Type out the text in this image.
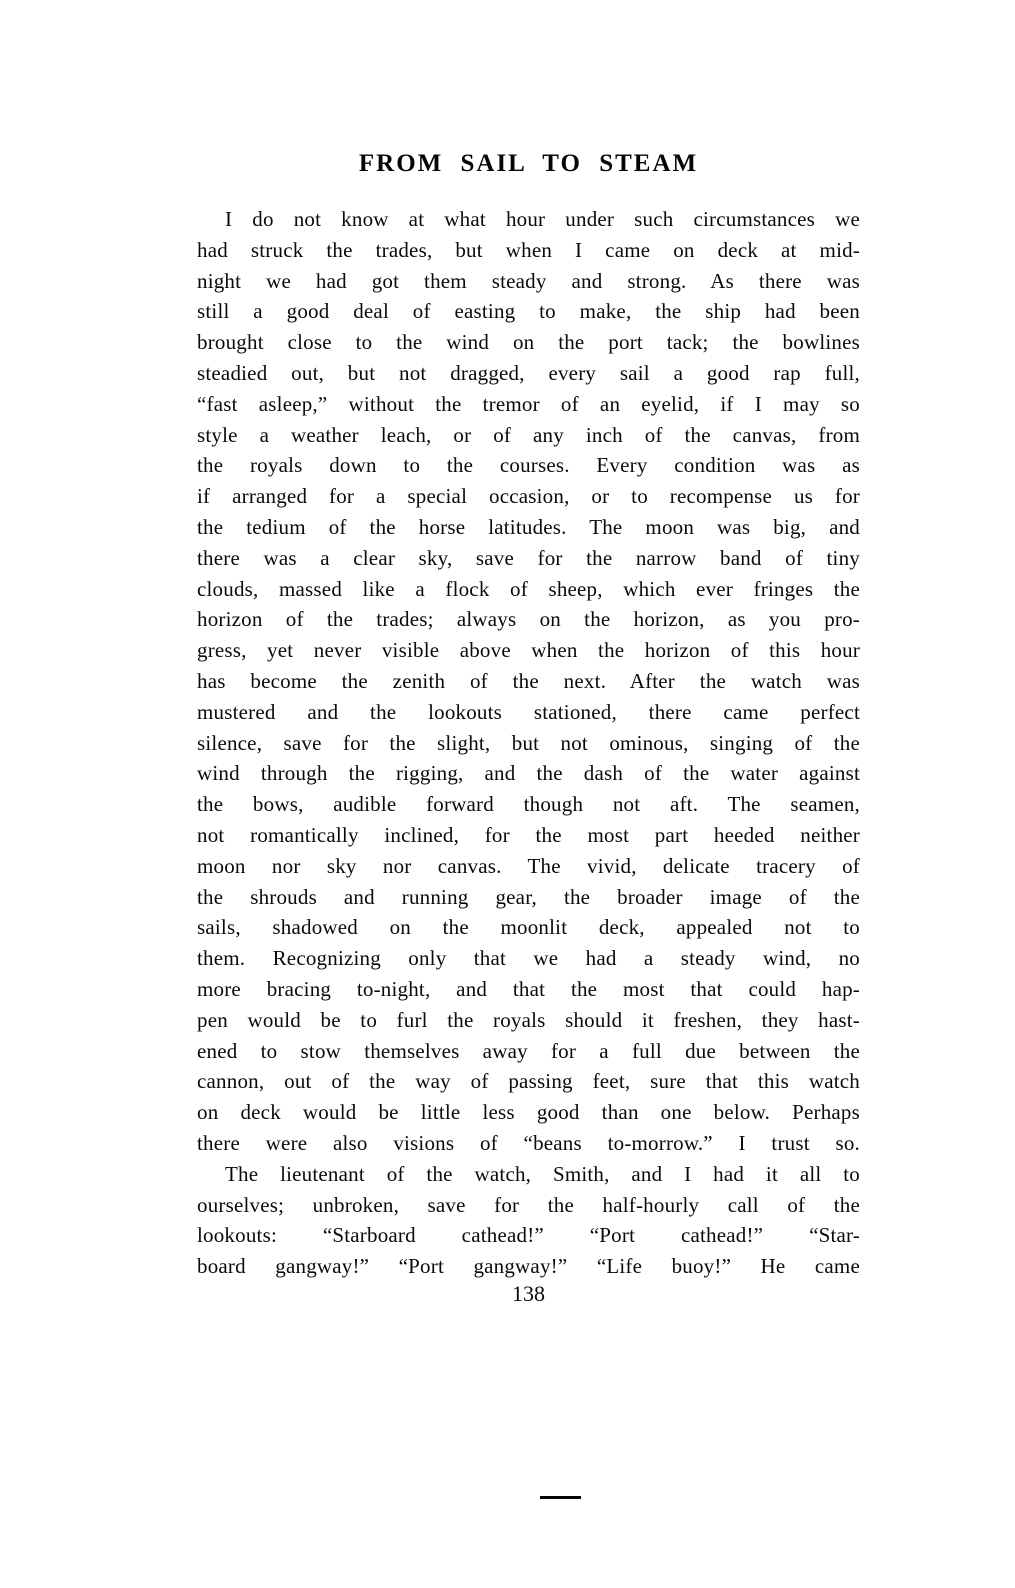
FROM SAIL TO STEAM
I do not know at what hour under such circumstances we
had struck the trades, but when I came on deck at mid-
night we had got them steady and strong. As there was
still a good deal of easting to make, the ship had been
brought close to the wind on the port tack; the bowlines
steadied out, but not dragged, every sail a good rap full,
“fast asleep,” without the tremor of an eyelid, if I may so
style a weather leach, or of any inch of the canvas, from
the royals down to the courses. Every condition was as
if arranged for a special occasion, or to recompense us for
the tedium of the horse latitudes. The moon was big, and
there was a clear sky, save for the narrow band of tiny
clouds, massed like a flock of sheep, which ever fringes the
horizon of the trades; always on the horizon, as you pro-
gress, yet never visible above when the horizon of this hour
has become the zenith of the next. After the watch was
mustered and the lookouts stationed, there came perfect
silence, save for the slight, but not ominous, singing of the
wind through the rigging, and the dash of the water against
the bows, audible forward though not aft. The seamen,
not romantically inclined, for the most part heeded neither
moon nor sky nor canvas. The vivid, delicate tracery of
the shrouds and running gear, the broader image of the
sails, shadowed on the moonlit deck, appealed not to
them. Recognizing only that we had a steady wind, no
more bracing to-night, and that the most that could hap-
pen would be to furl the royals should it freshen, they hast-
ened to stow themselves away for a full due between the
cannon, out of the way of passing feet, sure that this watch
on deck would be little less good than one below. Perhaps
there were also visions of “beans to-morrow.” I trust so.
The lieutenant of the watch, Smith, and I had it all to
ourselves; unbroken, save for the half-hourly call of the
lookouts: “Starboard cathead!” “Port cathead!” “Star-
board gangway!” “Port gangway!” “Life buoy!” He came
138
